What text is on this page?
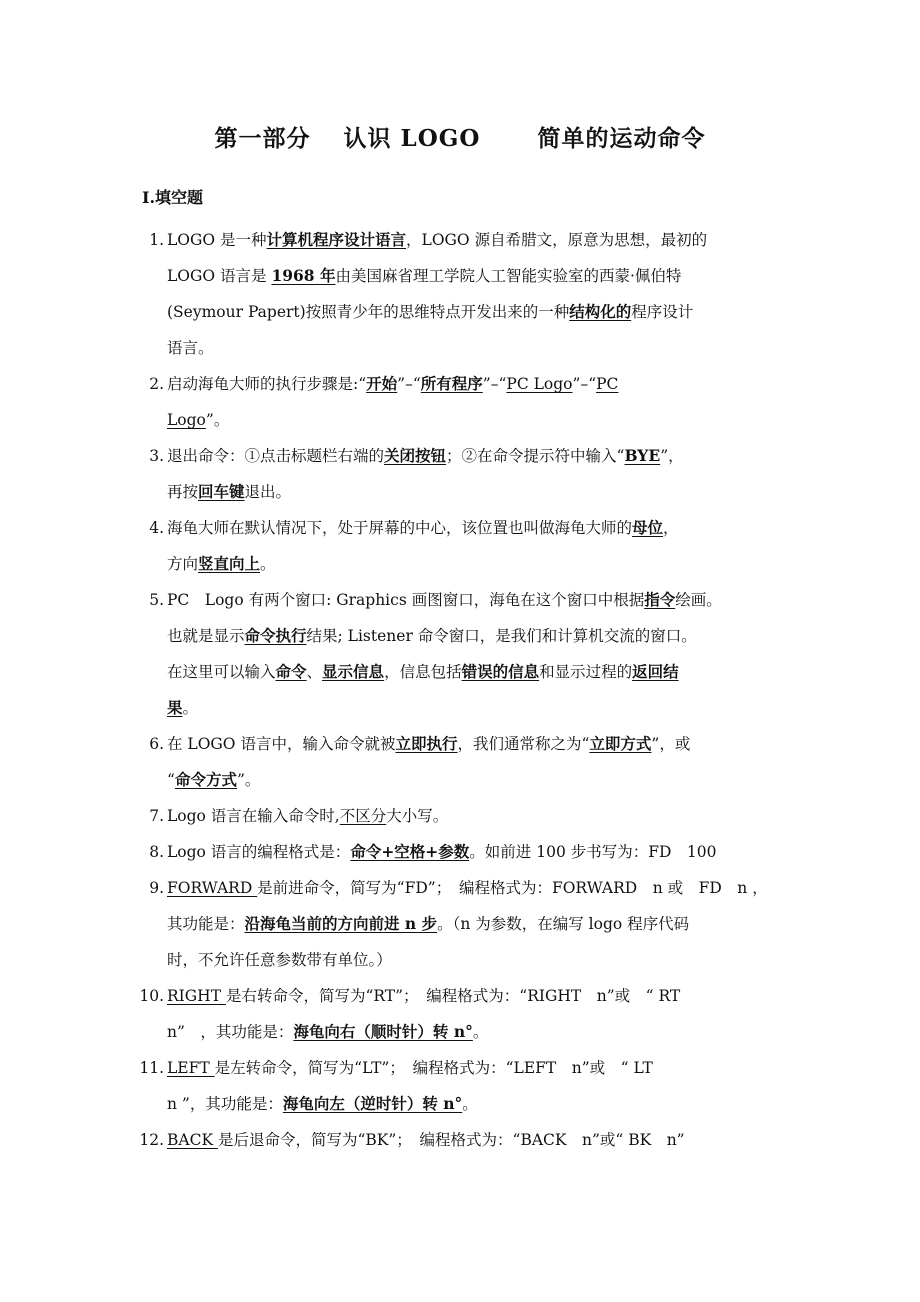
第一部分　 认识 LOGO　　 简单的运动命令
Ⅰ.填空题
1. LOGO 是一种计算机程序设计语言，LOGO 源自希腊文，原意为思想，最初的
LOGO 语言是 1968 年由美国麻省理工学院人工智能实验室的西蒙·佩伯特
(Seymour Papert)按照青少年的思维特点开发出来的一种结构化的程序设计
语言。
2. 启动海龟大师的执行步骤是:“开始”–“所有程序”–“PC Logo”–“PC
Logo”。
3. 退出命令：①点击标题栏右端的关闭按钮；②在命令提示符中输入“BYE”，
再按回车键退出。
4. 海龟大师在默认情况下，处于屏幕的中心，该位置也叫做海龟大师的母位，
方向竖直向上。
5. PC　Logo 有两个窗口: Graphics 画图窗口，海龟在这个窗口中根据指令绘画。
也就是显示命令执行结果; Listener 命令窗口，是我们和计算机交流的窗口。
在这里可以输入命令、显示信息，信息包括错误的信息和显示过程的返回结
果。
6. 在 LOGO 语言中，输入命令就被立即执行，我们通常称之为“立即方式”，或
“命令方式”。
7. Logo 语言在输入命令时,不区分大小写。
8. Logo 语言的编程格式是：命令+空格+参数。如前进 100 步书写为：FD　100
9. FORWARD 是前进命令，简写为“FD”；　编程格式为：FORWARD　n 或　FD　n ，
其功能是：沿海龟当前的方向前进 n 步。（n 为参数，在编写 logo 程序代码
时，不允许任意参数带有单位。）
10. RIGHT 是右转命令，简写为“RT”；　编程格式为：“RIGHT　n”或　“ RT
n”　，其功能是：海龟向右（顺时针）转 n°。
11. LEFT 是左转命令，简写为“LT”；　编程格式为：“LEFT　n”或　“ LT
n ”，其功能是：海龟向左（逆时针）转 n°。
12. BACK 是后退命令，简写为“BK”；　编程格式为：“BACK　n”或“ BK　n”
